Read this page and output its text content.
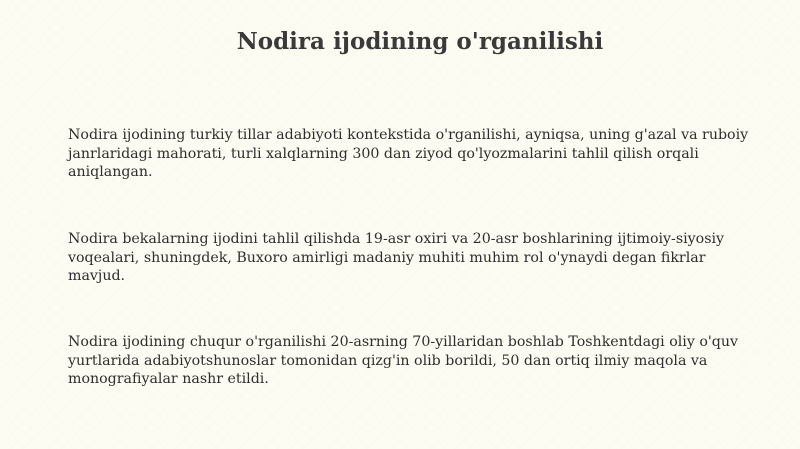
Nodira ijodining o'rganilishi

Nodira ijodining turkiy tillar adabiyoti kontekstida o'rganilishi, ayniqsa, uning g'azal va ruboiy
janrlaridagi mahorati, turli xalqlarning 300 dan ziyod qo'lyozmalarini tahlil qilish orqali
aniqlangan.

Nodira bekalarning ijodini tahlil qilishda 19-asr oxiri va 20-asr boshlarining ijtimoiy-siyosiy
voqealari, shuningdek, Buxoro amirligi madaniy muhiti muhim rol o'ynaydi degan fikrlar
mavjud.

Nodira ijodining chuqur o'rganilishi 20-asrning 70-yillaridan boshlab Toshkentdagi oliy o'quv
yurtlarida adabiyotshunoslar tomonidan qizg'in olib borildi, 50 dan ortiq ilmiy maqola va
monografiyalar nashr etildi.
